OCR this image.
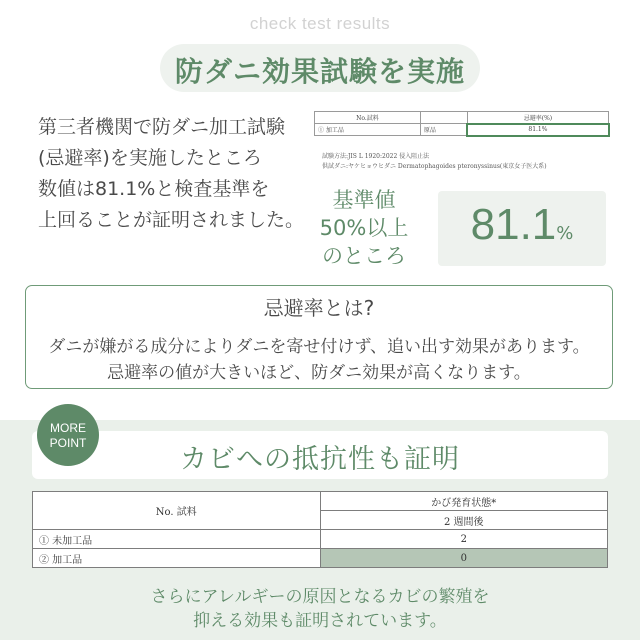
check test results
防ダニ効果試験を実施
第三者機関で防ダニ加工試験
(忌避率)を実施したところ
数値は81.1%と検査基準を
上回ることが証明されました。
No.試料		忌避率(%)
① 加工品	原品	81.1%
試験方法:JIS L 1920:2022 侵入阻止法
供試ダニ:ヤケヒョウヒダニ Dermatophagoides pteronyssinus(東京女子医大系)
基準値
50%以上
のところ
81.1%
忌避率とは?
ダニが嫌がる成分によりダニを寄せ付けず、追い出す効果があります。
忌避率の値が大きいほど、防ダニ効果が高くなります。
カビへの抵抗性も証明
MORE
POINT
No. 試料	かび発育状態*
	2 週間後
① 未加工品	2
② 加工品	0
さらにアレルギーの原因となるカビの繁殖を
抑える効果も証明されています。
